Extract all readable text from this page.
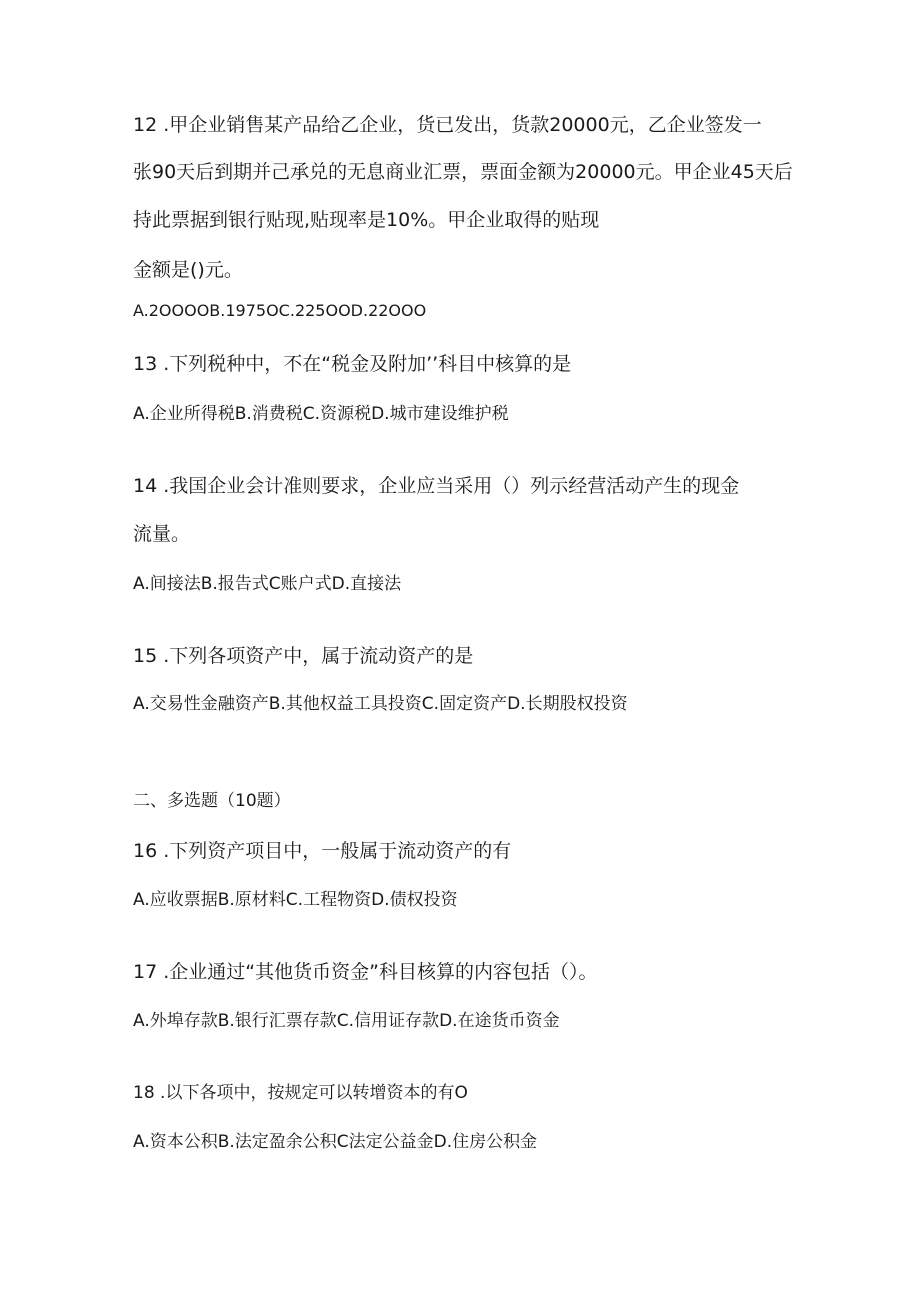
12 .甲企业销售某产品给乙企业，货已发出，货款20000元，乙企业签发一
张90天后到期并己承兑的无息商业汇票，票面金额为20000元。甲企业45天后
持此票据到银行贴现,贴现率是10%。甲企业取得的贴现
金额是()元。
A.2OOOOB.1975OC.225OOD.22OOO
13 .下列税种中，不在“税金及附加’’科目中核算的是
A.企业所得税B.消费税C.资源税D.城市建设维护税
14 .我国企业会计准则要求，企业应当采用（）列示经营活动产生的现金
流量。
A.间接法B.报告式C账户式D.直接法
15 .下列各项资产中，属于流动资产的是
A.交易性金融资产B.其他权益工具投资C.固定资产D.长期股权投资
二、多选题（10题）
16 .下列资产项目中，一般属于流动资产的有
A.应收票据B.原材料C.工程物资D.债权投资
17 .企业通过“其他货币资金”科目核算的内容包括（）。
A.外埠存款B.银行汇票存款C.信用证存款D.在途货币资金
18 .以下各项中，按规定可以转增资本的有O
A.资本公积B.法定盈余公积C法定公益金D.住房公积金
